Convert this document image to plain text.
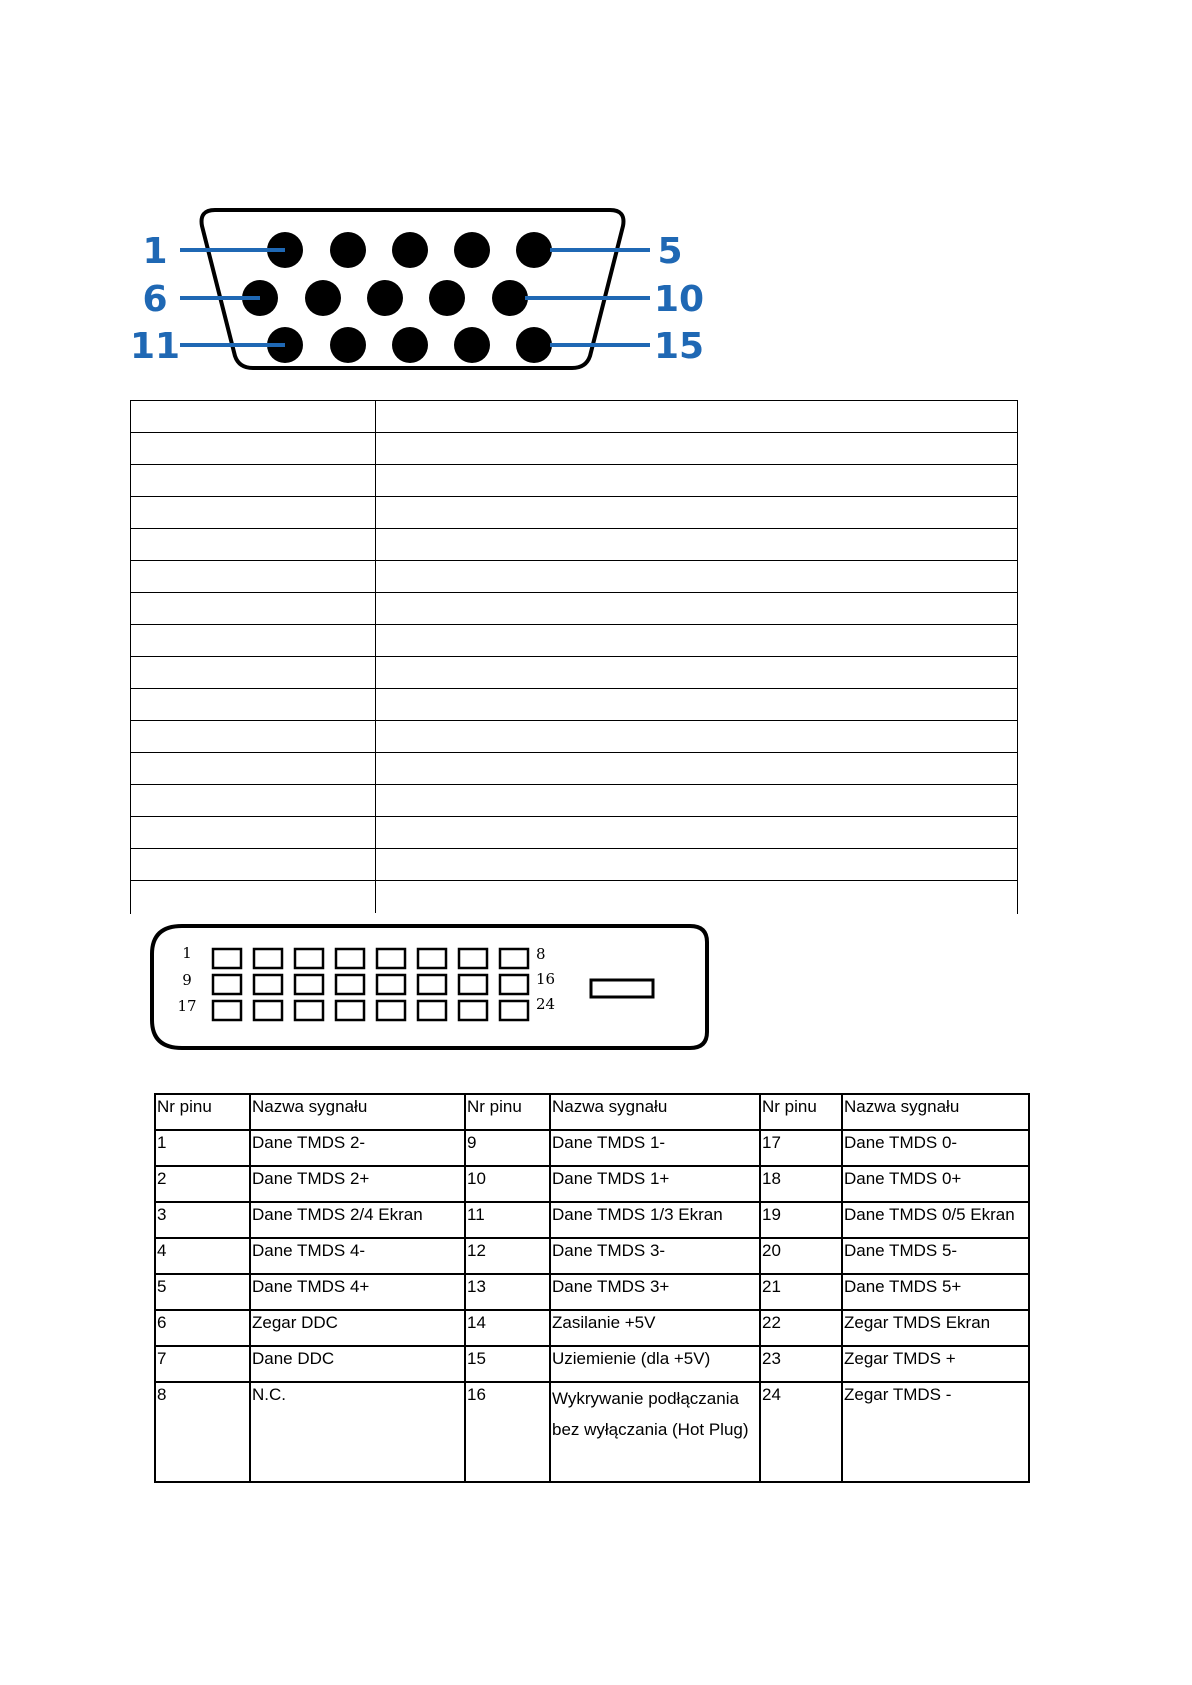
1	5
6	10
11	15
1
9
17
8
16
24
Nr pinu	Nazwa sygnału	Nr pinu	Nazwa sygnału	Nr pinu	Nazwa sygnału
1	Dane TMDS 2-	9	Dane TMDS 1-	17	Dane TMDS 0-
2	Dane TMDS 2+	10	Dane TMDS 1+	18	Dane TMDS 0+
3	Dane TMDS 2/4 Ekran	11	Dane TMDS 1/3 Ekran	19	Dane TMDS 0/5 Ekran
4	Dane TMDS 4-	12	Dane TMDS 3-	20	Dane TMDS 5-
5	Dane TMDS 4+	13	Dane TMDS 3+	21	Dane TMDS 5+
6	Zegar DDC	14	Zasilanie +5V	22	Zegar TMDS Ekran
7	Dane DDC	15	Uziemienie (dla +5V)	23	Zegar TMDS +
8	N.C.	16	Wykrywanie podłączania bez wyłączania (Hot Plug)	24	Zegar TMDS -
